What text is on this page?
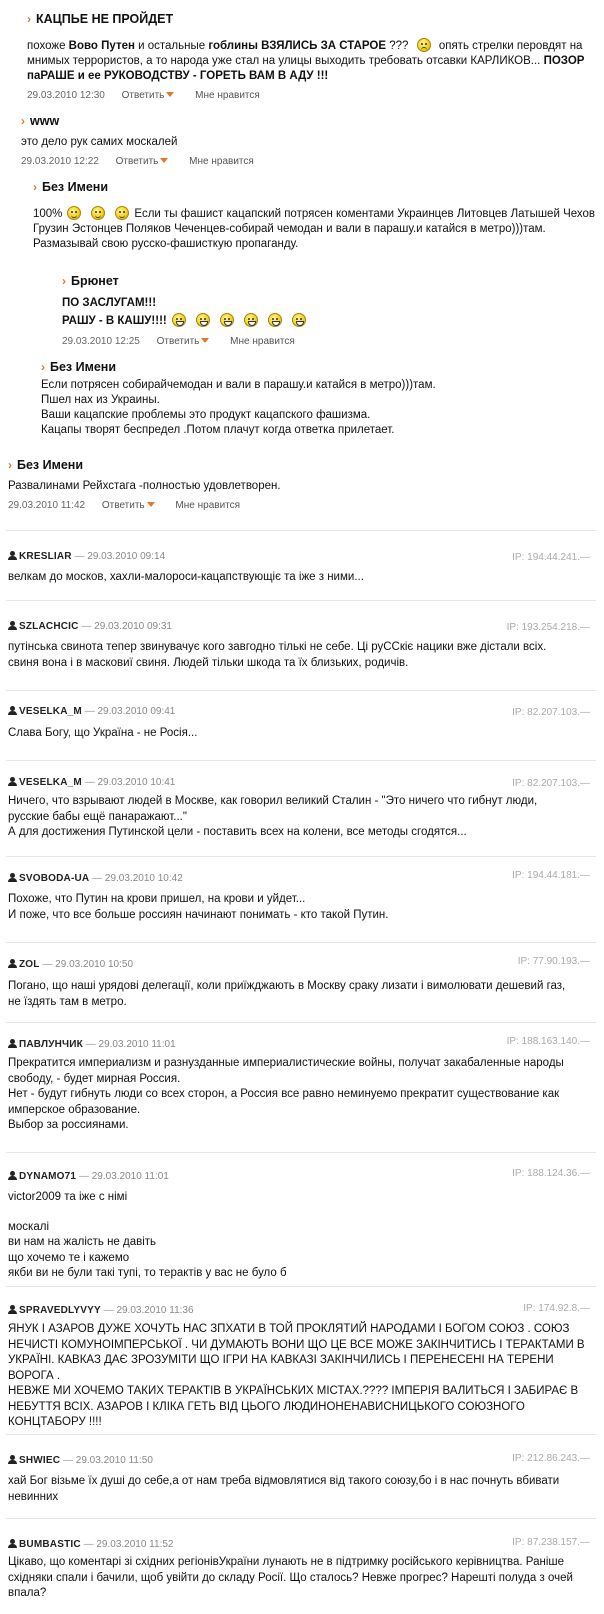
› КАЦПЬЕ НЕ ПРОЙДЕТ
похоже Вово Путен и остальные гоблины ВЗЯЛИСЬ ЗА СТАРОЕ ???  опять стрелки перовдят на мнимых террористов, а то народа уже стал на улицы выходить требовать отсавки КАРЛИКОВ... ПОЗОР паРАШЕ и ее РУКОВОДСТВУ - ГОРЕТЬ ВАМ В АДУ !!!
29.03.2010 12:30 Ответить	Мне нравится
› www

это дело рук самих москалей

29.03.2010 12:22 Ответить	Мне нравится
› Без Имени
100%	Если ты фашист кацапский потрясен коментами Украинцев Литовцев Латышей Чехов Грузин Эстонцев Поляков Чеченцев-собирай чемодан и вали в парашу.и катайся в метро)))там.

Размазывай свою русско-фашисткую пропаганду.

› Брюнет

ПО ЗАСЛУГАМ!!!

РАШУ - В КАШУ!!!!

29.03.2010 12:25 Ответить	Мне нравится
› Без Имени

Если потрясен собирайчемодан и вали в парашу.и катайся в метро)))там.

Пшел нах из Украины.

Ваши кацапские проблемы это продукт кацапского фашизма.

Кацапы творят беспредел .Потом плачут когда ответка прилетает.

› Без Имени

Развалинами Рейхстага -полностью удовлетворен.

29.03.2010 11:42 Ответить	Мне нравится
KRESLIAR — 29.03.2010 09:14	IP: 194.44.241.—

велкам до москов, хахли-малороси-кацапствующіє та іже з ними...

SZLACHCIC — 29.03.2010 09:31	IP: 193.254.218.—

путінська свинота тепер звинувачує кого завгодно тількі не себе. Ці руССкіє нацики вже дістали всіх.

свиня вона і в масковиї свиня. Людей тільки шкода та їх близьких, родичів.

VESELKA_M — 29.03.2010 09:41	IP: 82.207.103.—

Слава Богу, що Україна - не Росія...

VESELKA_M — 29.03.2010 10:41	IP: 82.207.103.—

Ничего, что взрывают людей в Москве, как говорил великий Сталин - "Это ничего что гибнут люди,

русские бабы ещё панаражают..."

А для достижения Путинской цели - поставить всех на колени, все методы сгодятся...

SVOBODA-UA — 29.03.2010 10:42	IP: 194.44.181.—

Похоже, что Путин на крови пришел, на крови и уйдет...

И поже, что все больше россиян начинают понимать - кто такой Путин.

ZOL — 29.03.2010 10:50	IP: 77.90.193.—

Погано, що наші урядові делегації, коли приїжджають в Москву сраку лизати і вимолювати дешевий газ,

не їздять там в метро.

ПАВЛУНЧИК — 29.03.2010 11:01	IP: 188.163.140.—

Прекратится империализм и разнузданные империалистические войны, получат закабаленные народы

свободу, - будет мирная Россия.

Нет - будут гибнуть люди со всех сторон, а Россия все равно неминуемо прекратит существование как

имперское образование.

Выбор за россиянами.

DYNAMO71 — 29.03.2010 11:01	IP: 188.124.36.—

victor2009 та іже с німі

москалі

ви нам на жаліcть не давіть

що хочемо те і кажемо

якби ви не були такі тупі, то терактів у вас не було б

SPRAVEDLYVYY — 29.03.2010 11:36	IP: 174.92.8.—

ЯНУК І АЗАРОВ ДУЖЕ ХОЧУТЬ НАС ЗПХАТИ В ТОЙ ПРОКЛЯТИЙ НАРОДАМИ І БОГОМ СОЮЗ . СОЮЗ

НЕЧИСТІ КОМУНОІМПЕРСЬКОЇ . ЧИ ДУМАЮТЬ ВОНИ ЩО ЦЕ ВСЕ МОЖЕ ЗАКІНЧИТИСЬ І ТЕРАКТАМИ В

УКРАЇНІ. КАВКАЗ ДАЄ ЗРОЗУМІТИ ЩО ІГРИ НА КАВКАЗІ ЗАКІНЧИЛИСЬ І ПЕРЕНЕСЕНІ НА ТЕРЕНИ ВОРОГА .

НЕВЖЕ МИ ХОЧЕМО ТАКИХ ТЕРАКТІВ В УКРАЇНСЬКИХ МІСТАХ.???? ІМПЕРІЯ ВАЛИТЬСЯ І ЗАБИРАЄ В

НЕБУТТЯ ВСІХ. АЗАРОВ І КЛІКА ГЕТЬ ВІД ЦЬОГО ЛЮДИНОНЕНАВИСНИЦЬКОГО СОЮЗНОГО

КОНЦТАБОРУ !!!!

SHWIEC — 29.03.2010 11:50	IP: 212.86.243.—

хай Бог візьме їх душі до себе,а от нам треба відмовлятися від такого союзу,бо і в нас почнуть вбивати

невинних

BUMBASTIC — 29.03.2010 11:52	IP: 87.238.157.—

Цікаво, що коментарі зі східних регіонівУкраїни лунають не в підтримку російського керівництва. Раніше

східняки спали і бачили, щоб увійти до складу Росії. Що сталось? Невже прогрес? Нарешті полуда з очей

впала?
